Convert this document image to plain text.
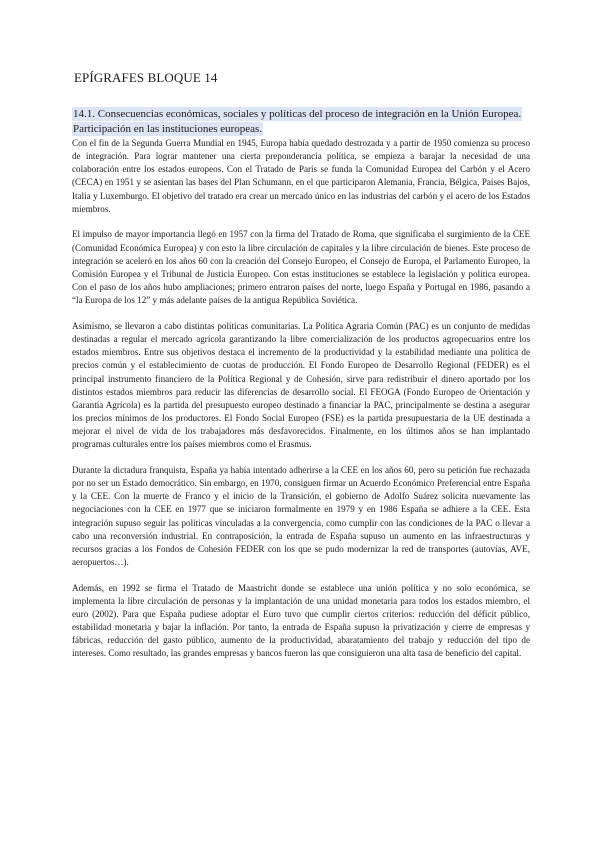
EPÍGRAFES BLOQUE 14
14.1. Consecuencias económicas, sociales y políticas del proceso de integración en la Unión Europea. Participación en las instituciones europeas.

Con el fin de la Segunda Guerra Mundial en 1945, Europa había quedado destrozada y a partir de 1950 comienza su proceso de integración. Para lograr mantener una cierta preponderancia política, se empieza a barajar la necesidad de una colaboración entre los estados europeos. Con el Tratado de París se funda la Comunidad Europea del Carbón y el Acero (CECA) en 1951 y se asientan las bases del Plan Schumann, en el que participaron Alemania, Francia, Bélgica, Países Bajos, Italia y Luxemburgo. El objetivo del tratado era crear un mercado único en las industrias del carbón y el acero de los Estados miembros.

El impulso de mayor importancia llegó en 1957 con la firma del Tratado de Roma, que significaba el surgimiento de la CEE (Comunidad Económica Europea) y con esto la libre circulación de capitales y la libre circulación de bienes. Este proceso de integración se aceleró en los años 60 con la creación del Consejo Europeo, el Consejo de Europa, el Parlamento Europeo, la Comisión Europea y el Tribunal de Justicia Europeo. Con estas instituciones se establece la legislación y política europea. Con el paso de los años hubo ampliaciones; primero entraron países del norte, luego España y Portugal en 1986, pasando a “la Europa de los 12” y más adelante países de la antigua República Soviética.

Asimismo, se llevaron a cabo distintas políticas comunitarias. La Política Agraria Común (PAC) es un conjunto de medidas destinadas a regular el mercado agrícola garantizando la libre comercialización de los productos agropecuarios entre los estados miembros. Entre sus objetivos destaca el incremento de la productividad y la estabilidad mediante una política de precios común y el establecimiento de cuotas de producción. El Fondo Europeo de Desarrollo Regional (FEDER) es el principal instrumento financiero de la Política Regional y de Cohesión, sirve para redistribuir el dinero aportado por los distintos estados miembros para reducir las diferencias de desarrollo social. El FEOGA (Fondo Europeo de Orientación y Garantía Agrícola) es la partida del presupuesto europeo destinado a financiar la PAC, principalmente se destina a asegurar los precios mínimos de los productores. El Fondo Social Europeo (FSE) es la partida presupuestaria de la UE destinada a mejorar el nivel de vida de los trabajadores más desfavorecidos. Finalmente, en los últimos años se han implantado programas culturales entre los países miembros como el Erasmus.

Durante la dictadura franquista, España ya había intentado adherirse a la CEE en los años 60, pero su petición fue rechazada por no ser un Estado democrático. Sin embargo, en 1970, consiguen firmar un Acuerdo Económico Preferencial entre España y la CEE. Con la muerte de Franco y el inicio de la Transición, el gobierno de Adolfo Suárez solicita nuevamente las negociaciones con la CEE en 1977 que se iniciaron formalmente en 1979 y en 1986 España se adhiere a la CEE. Esta integración supuso seguir las políticas vinculadas a la convergencia, como cumplir con las condiciones de la PAC o llevar a cabo una reconversión industrial. En contraposición, la entrada de España supuso un aumento en las infraestructuras y recursos gracias a los Fondos de Cohesión FEDER con los que se pudo modernizar la red de transportes (autovías, AVE, aeropuertos…).

Además, en 1992 se firma el Tratado de Maastricht donde se establece una unión política y no solo económica, se implementa la libre circulación de personas y la implantación de una unidad monetaria para todos los estados miembro, el euro (2002). Para que España pudiese adoptar el Euro tuvo que cumplir ciertos criterios: reducción del déficit público, estabilidad monetaria y bajar la inflación. Por tanto, la entrada de España supuso la privatización y cierre de empresas y fábricas, reducción del gasto público, aumento de la productividad, abaratamiento del trabajo y reducción del tipo de intereses. Como resultado, las grandes empresas y bancos fueron las que consiguieron una alta tasa de beneficio del capital.
